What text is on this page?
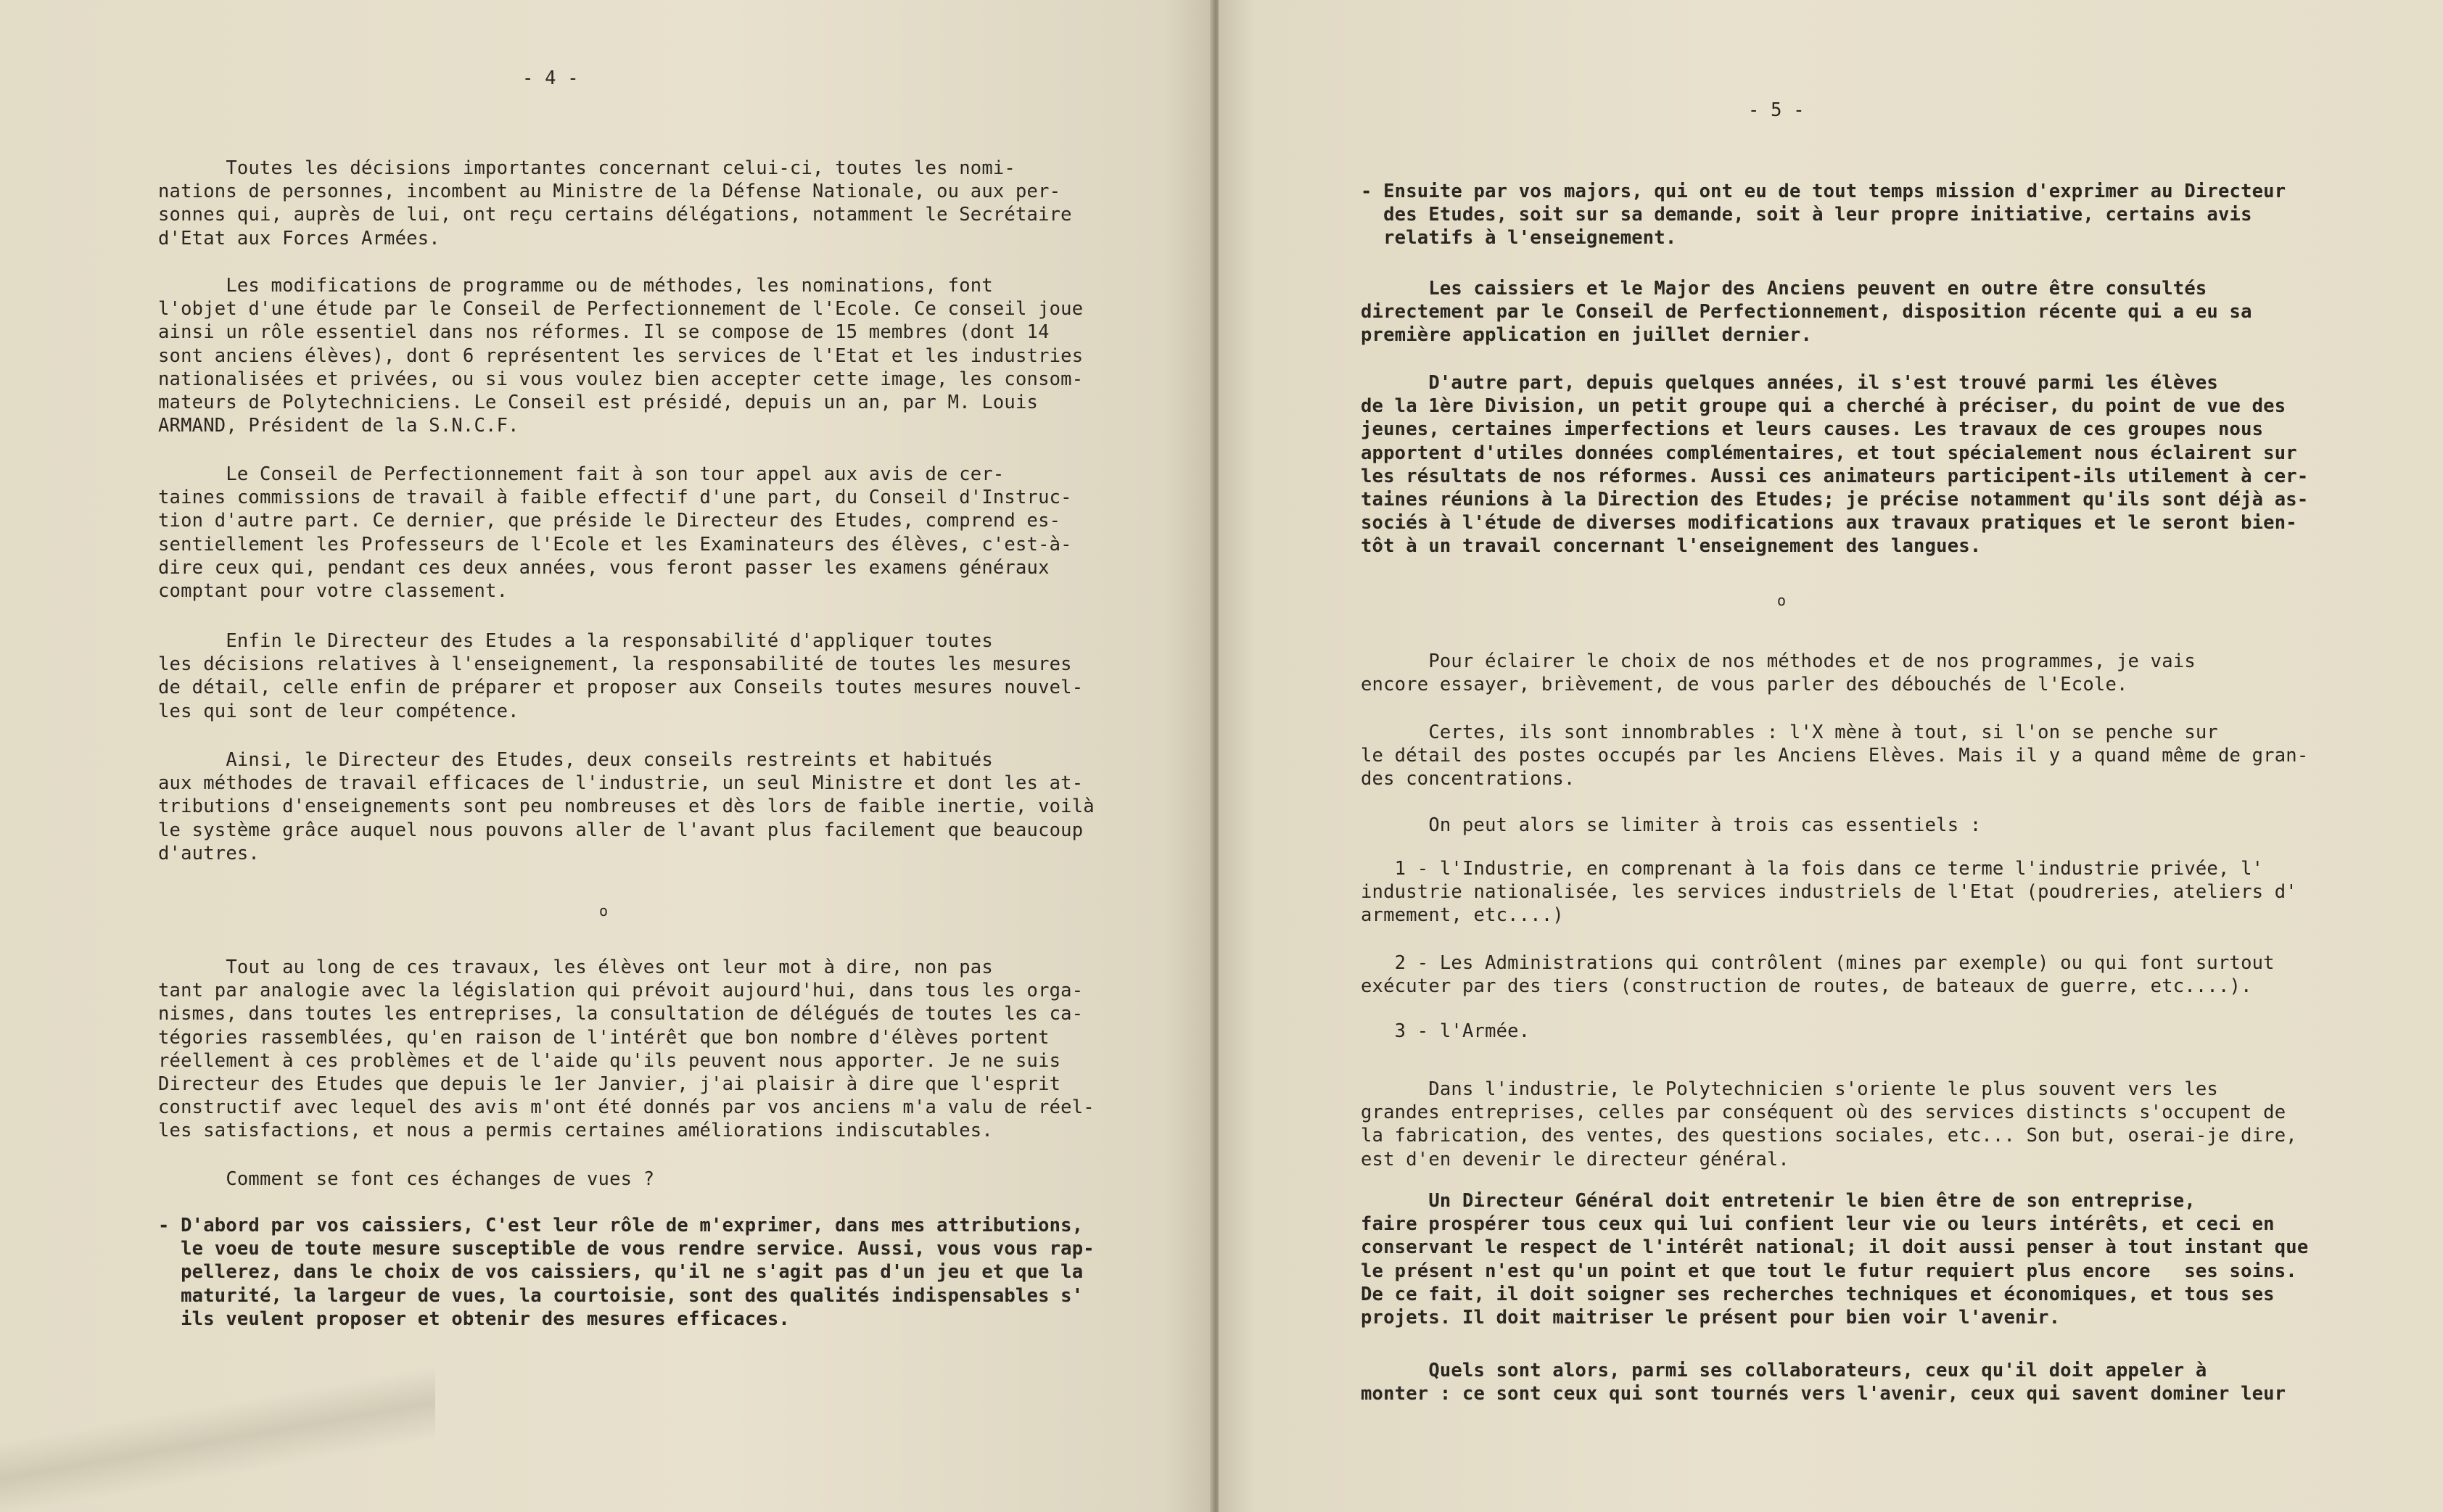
- 4 -
Toutes les décisions importantes concernant celui-ci, toutes les nomi-
nations de personnes, incombent au Ministre de la Défense Nationale, ou aux per-
sonnes qui, auprès de lui, ont reçu certains délégations, notamment le Secrétaire
d'Etat aux Forces Armées.
Les modifications de programme ou de méthodes, les nominations, font
l'objet d'une étude par le Conseil de Perfectionnement de l'Ecole. Ce conseil joue
ainsi un rôle essentiel dans nos réformes. Il se compose de 15 membres (dont 14
sont anciens élèves), dont 6 représentent les services de l'Etat et les industries
nationalisées et privées, ou si vous voulez bien accepter cette image, les consom-
mateurs de Polytechniciens. Le Conseil est présidé, depuis un an, par M. Louis
ARMAND, Président de la S.N.C.F.
Le Conseil de Perfectionnement fait à son tour appel aux avis de cer-
taines commissions de travail à faible effectif d'une part, du Conseil d'Instruc-
tion d'autre part. Ce dernier, que préside le Directeur des Etudes, comprend es-
sentiellement les Professeurs de l'Ecole et les Examinateurs des élèves, c'est-à-
dire ceux qui, pendant ces deux années, vous feront passer les examens généraux
comptant pour votre classement.
Enfin le Directeur des Etudes a la responsabilité d'appliquer toutes
les décisions relatives à l'enseignement, la responsabilité de toutes les mesures
de détail, celle enfin de préparer et proposer aux Conseils toutes mesures nouvel-
les qui sont de leur compétence.
Ainsi, le Directeur des Etudes, deux conseils restreints et habitués
aux méthodes de travail efficaces de l'industrie, un seul Ministre et dont les at-
tributions d'enseignements sont peu nombreuses et dès lors de faible inertie, voilà
le système grâce auquel nous pouvons aller de l'avant plus facilement que beaucoup
d'autres.
o
Tout au long de ces travaux, les élèves ont leur mot à dire, non pas
tant par analogie avec la législation qui prévoit aujourd'hui, dans tous les orga-
nismes, dans toutes les entreprises, la consultation de délégués de toutes les ca-
tégories rassemblées, qu'en raison de l'intérêt que bon nombre d'élèves portent
réellement à ces problèmes et de l'aide qu'ils peuvent nous apporter. Je ne suis
Directeur des Etudes que depuis le 1er Janvier, j'ai plaisir à dire que l'esprit
constructif avec lequel des avis m'ont été donnés par vos anciens m'a valu de réel-
les satisfactions, et nous a permis certaines améliorations indiscutables.
Comment se font ces échanges de vues ?
- D'abord par vos caissiers, C'est leur rôle de m'exprimer, dans mes attributions,
le voeu de toute mesure susceptible de vous rendre service. Aussi, vous vous rap-
pellerez, dans le choix de vos caissiers, qu'il ne s'agit pas d'un jeu et que la
maturité, la largeur de vues, la courtoisie, sont des qualités indispensables s'
ils veulent proposer et obtenir des mesures efficaces.
- 5 -
- Ensuite par vos majors, qui ont eu de tout temps mission d'exprimer au Directeur
des Etudes, soit sur sa demande, soit à leur propre initiative, certains avis
relatifs à l'enseignement.
Les caissiers et le Major des Anciens peuvent en outre être consultés
directement par le Conseil de Perfectionnement, disposition récente qui a eu sa
première application en juillet dernier.
D'autre part, depuis quelques années, il s'est trouvé parmi les élèves
de la 1ère Division, un petit groupe qui a cherché à préciser, du point de vue des
jeunes, certaines imperfections et leurs causes. Les travaux de ces groupes nous
apportent d'utiles données complémentaires, et tout spécialement nous éclairent sur
les résultats de nos réformes. Aussi ces animateurs participent-ils utilement à cer-
taines réunions à la Direction des Etudes; je précise notamment qu'ils sont déjà as-
sociés à l'étude de diverses modifications aux travaux pratiques et le seront bien-
tôt à un travail concernant l'enseignement des langues.
o
Pour éclairer le choix de nos méthodes et de nos programmes, je vais
encore essayer, brièvement, de vous parler des débouchés de l'Ecole.
Certes, ils sont innombrables : l'X mène à tout, si l'on se penche sur
le détail des postes occupés par les Anciens Elèves. Mais il y a quand même de gran-
des concentrations.
On peut alors se limiter à trois cas essentiels :
1 - l'Industrie, en comprenant à la fois dans ce terme l'industrie privée, l'
industrie nationalisée, les services industriels de l'Etat (poudreries, ateliers d'
armement, etc....)
2 - Les Administrations qui contrôlent (mines par exemple) ou qui font surtout
exécuter par des tiers (construction de routes, de bateaux de guerre, etc....).
3 - l'Armée.
Dans l'industrie, le Polytechnicien s'oriente le plus souvent vers les
grandes entreprises, celles par conséquent où des services distincts s'occupent de
la fabrication, des ventes, des questions sociales, etc... Son but, oserai-je dire,
est d'en devenir le directeur général.
Un Directeur Général doit entretenir le bien être de son entreprise,
faire prospérer tous ceux qui lui confient leur vie ou leurs intérêts, et ceci en
conservant le respect de l'intérêt national; il doit aussi penser à tout instant que
le présent n'est qu'un point et que tout le futur requiert plus encore   ses soins.
De ce fait, il doit soigner ses recherches techniques et économiques, et tous ses
projets. Il doit maitriser le présent pour bien voir l'avenir.
Quels sont alors, parmi ses collaborateurs, ceux qu'il doit appeler à
monter : ce sont ceux qui sont tournés vers l'avenir, ceux qui savent dominer leur
